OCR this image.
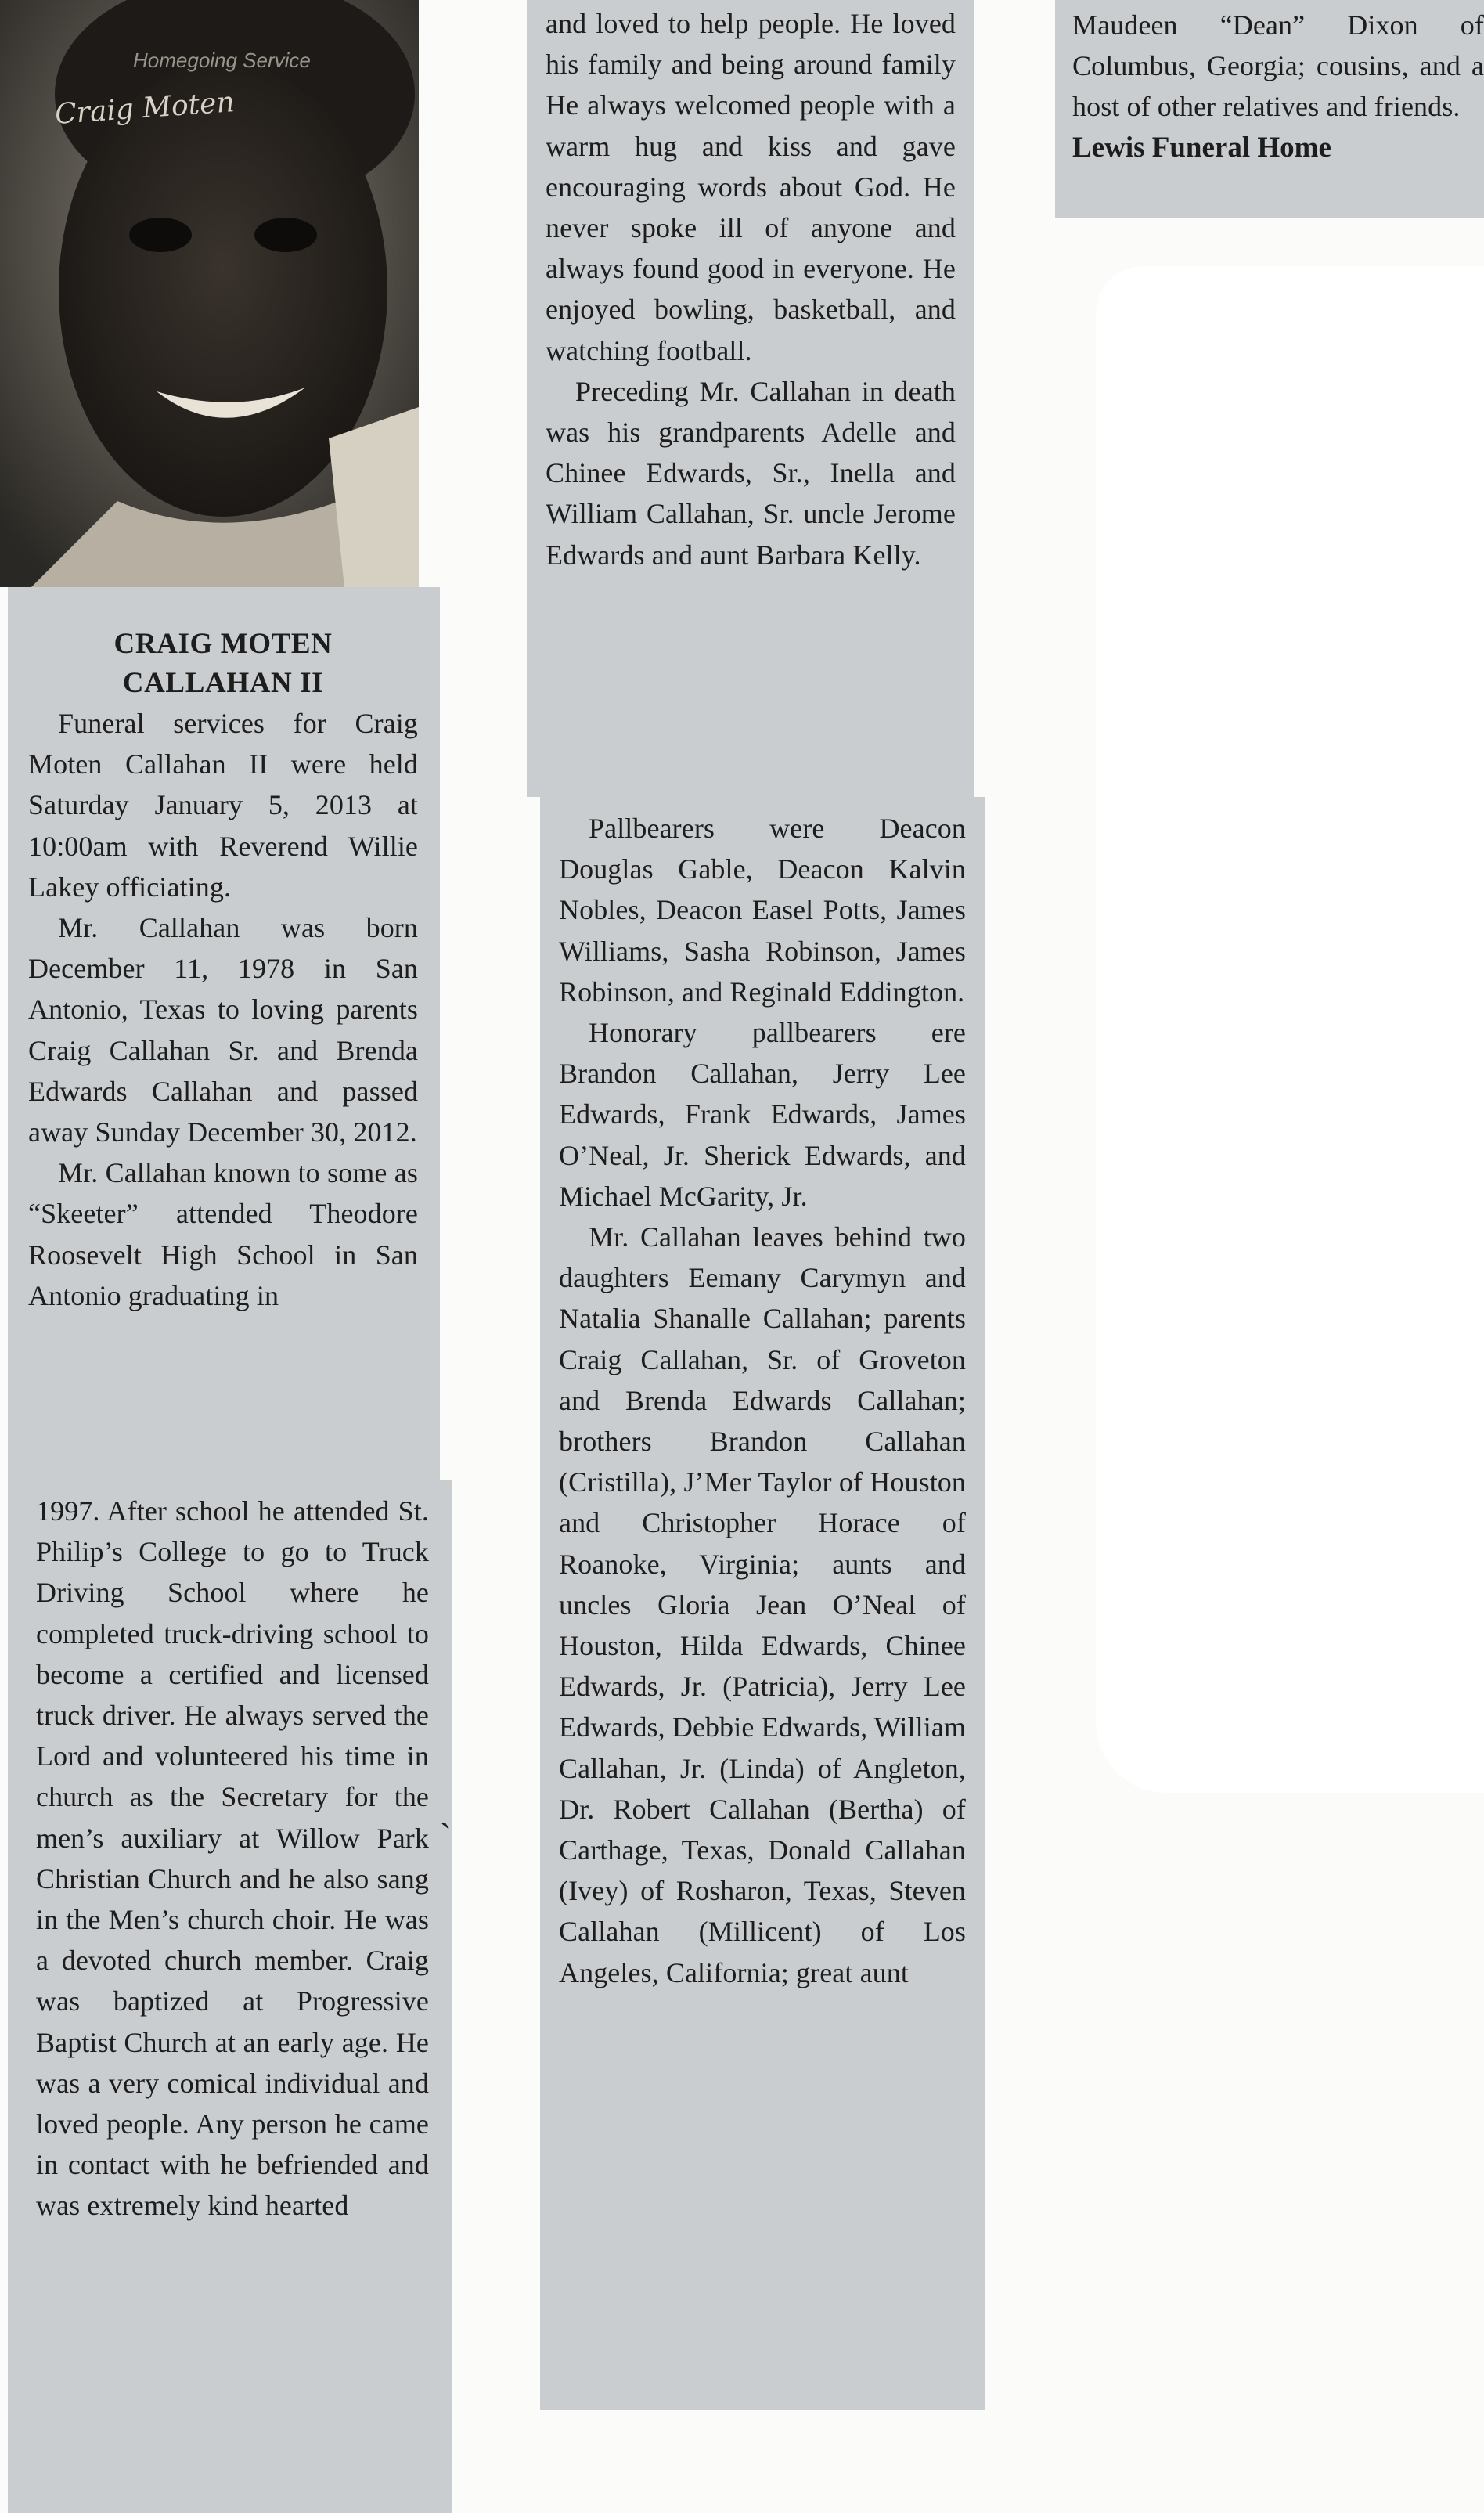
Homegoing Service
Craig Moten

CRAIG MOTEN

CALLAHAN II

Funeral services for Craig Moten Callahan II were held Saturday January 5, 2013 at 10:00am with Reverend Willie Lakey officiating.

Mr. Callahan was born December 11, 1978 in San Antonio, Texas to loving parents Craig Callahan Sr. and Brenda Edwards Callahan and passed away Sunday December 30, 2012.

Mr. Callahan known to some as “Skeeter” attended Theodore Roosevelt High School in San Antonio graduating in

1997. After school he attended St. Philip’s College to go to Truck Driving School where he completed truck-driving school to become a certified and licensed truck driver. He always served the Lord and volunteered his time in church as the Secretary for the men’s auxiliary at Willow Park Christian Church and he also sang in the Men’s church choir. He was a devoted church member. Craig was baptized at Progressive Baptist Church at an early age. He was a very comical individual and loved people. Any person he came in contact with he befriended and was extremely kind hearted

and loved to help people. He loved his family and being around family He always welcomed people with a warm hug and kiss and gave encouraging words about God. He never spoke ill of anyone and always found good in everyone. He enjoyed bowling, basketball, and watching football.

Preceding Mr. Callahan in death was his grandparents Adelle and Chinee Edwards, Sr., Inella and William Callahan, Sr. uncle Jerome Edwards and aunt Barbara Kelly.

Pallbearers were Deacon Douglas Gable, Deacon Kalvin Nobles, Deacon Easel Potts, James Williams, Sasha Robinson, James Robinson, and Reginald Eddington.

Honorary pallbearers ere Brandon Callahan, Jerry Lee Edwards, Frank Edwards, James O’Neal, Jr. Sherick Edwards, and Michael McGarity, Jr.

Mr. Callahan leaves behind two daughters Eemany Carymyn and Natalia Shanalle Callahan; parents Craig Callahan, Sr. of Groveton and Brenda Edwards Callahan; brothers Brandon Callahan (Cristilla), J’Mer Taylor of Houston and Christopher Horace of Roanoke, Virginia; aunts and uncles Gloria Jean O’Neal of Houston, Hilda Edwards, Chinee Edwards, Jr. (Patricia), Jerry Lee Edwards, Debbie Edwards, William Callahan, Jr. (Linda) of Angleton, Dr. Robert Callahan (Bertha) of Carthage, Texas, Donald Callahan (Ivey) of Rosharon, Texas, Steven Callahan (Millicent) of Los Angeles, California; great aunt

Maudeen “Dean” Dixon of Columbus, Georgia; cousins, and a host of other relatives and friends.

Lewis Funeral Home

ˏ
